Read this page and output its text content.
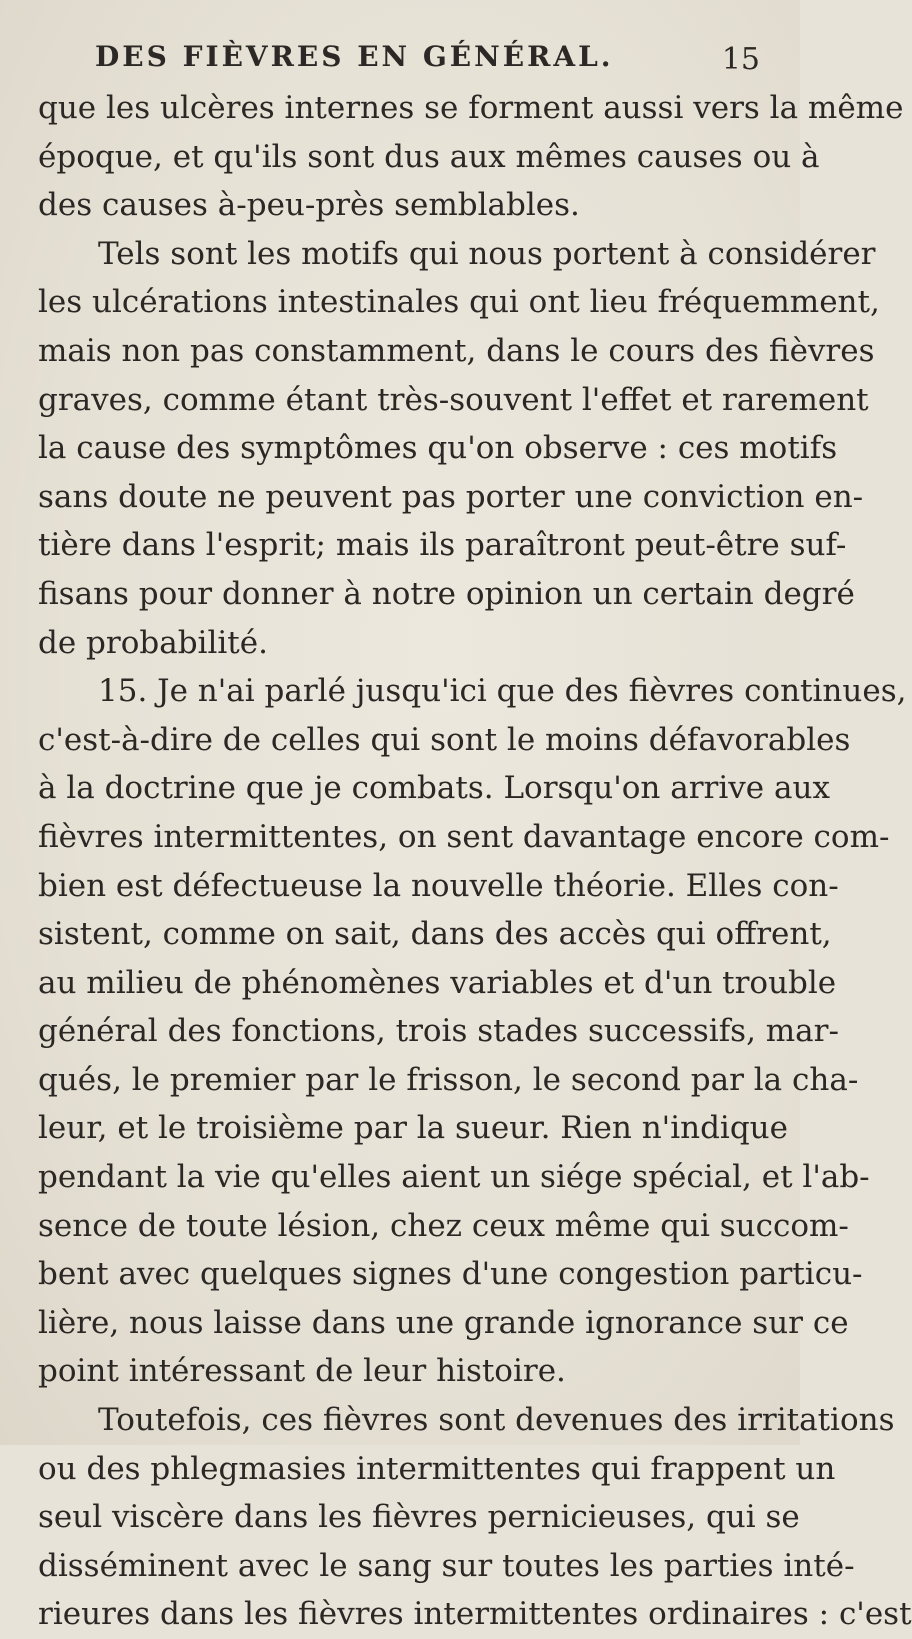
DES FIÈVRES EN GÉNÉRAL.	15
que les ulcères internes se forment aussi vers la même
époque, et qu'ils sont dus aux mêmes causes ou à
des causes à-peu-près semblables.
Tels sont les motifs qui nous portent à considérer
les ulcérations intestinales qui ont lieu fréquemment,
mais non pas constamment, dans le cours des fièvres
graves, comme étant très-souvent l'effet et rarement
la cause des symptômes qu'on observe : ces motifs
sans doute ne peuvent pas porter une conviction en-
tière dans l'esprit; mais ils paraîtront peut-être suf-
fisans pour donner à notre opinion un certain degré
de probabilité.
15. Je n'ai parlé jusqu'ici que des fièvres continues,
c'est-à-dire de celles qui sont le moins défavorables
à la doctrine que je combats. Lorsqu'on arrive aux
fièvres intermittentes, on sent davantage encore com-
bien est défectueuse la nouvelle théorie. Elles con-
sistent, comme on sait, dans des accès qui offrent,
au milieu de phénomènes variables et d'un trouble
général des fonctions, trois stades successifs, mar-
qués, le premier par le frisson, le second par la cha-
leur, et le troisième par la sueur. Rien n'indique
pendant la vie qu'elles aient un siége spécial, et l'ab-
sence de toute lésion, chez ceux même qui succom-
bent avec quelques signes d'une congestion particu-
lière, nous laisse dans une grande ignorance sur ce
point intéressant de leur histoire.
Toutefois, ces fièvres sont devenues des irritations
ou des phlegmasies intermittentes qui frappent un
seul viscère dans les fièvres pernicieuses, qui se
disséminent avec le sang sur toutes les parties inté-
rieures dans les fièvres intermittentes ordinaires : c'est
